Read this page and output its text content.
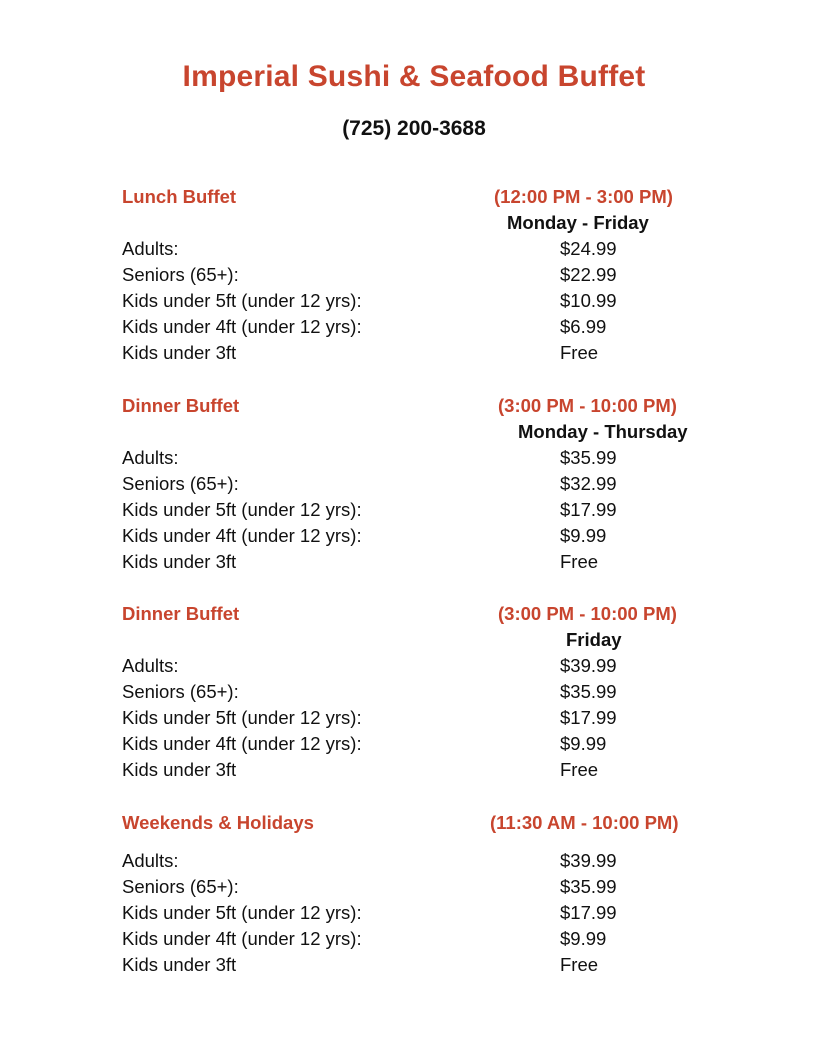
Imperial Sushi & Seafood Buffet
(725) 200-3688
Lunch Buffet	(12:00 PM - 3:00 PM)
Monday - Friday
Adults:	$24.99
Seniors (65+):	$22.99
Kids under 5ft (under 12 yrs):	$10.99
Kids under 4ft (under 12 yrs):	$6.99
Kids under 3ft	Free
Dinner Buffet	(3:00 PM - 10:00 PM)
Monday - Thursday
Adults:	$35.99
Seniors (65+):	$32.99
Kids under 5ft (under 12 yrs):	$17.99
Kids under 4ft (under 12 yrs):	$9.99
Kids under 3ft	Free
Dinner Buffet	(3:00 PM - 10:00 PM)
Friday
Adults:	$39.99
Seniors (65+):	$35.99
Kids under 5ft (under 12 yrs):	$17.99
Kids under 4ft (under 12 yrs):	$9.99
Kids under 3ft	Free
Weekends & Holidays	(11:30 AM - 10:00 PM)
Adults:	$39.99
Seniors (65+):	$35.99
Kids under 5ft (under 12 yrs):	$17.99
Kids under 4ft (under 12 yrs):	$9.99
Kids under 3ft	Free
